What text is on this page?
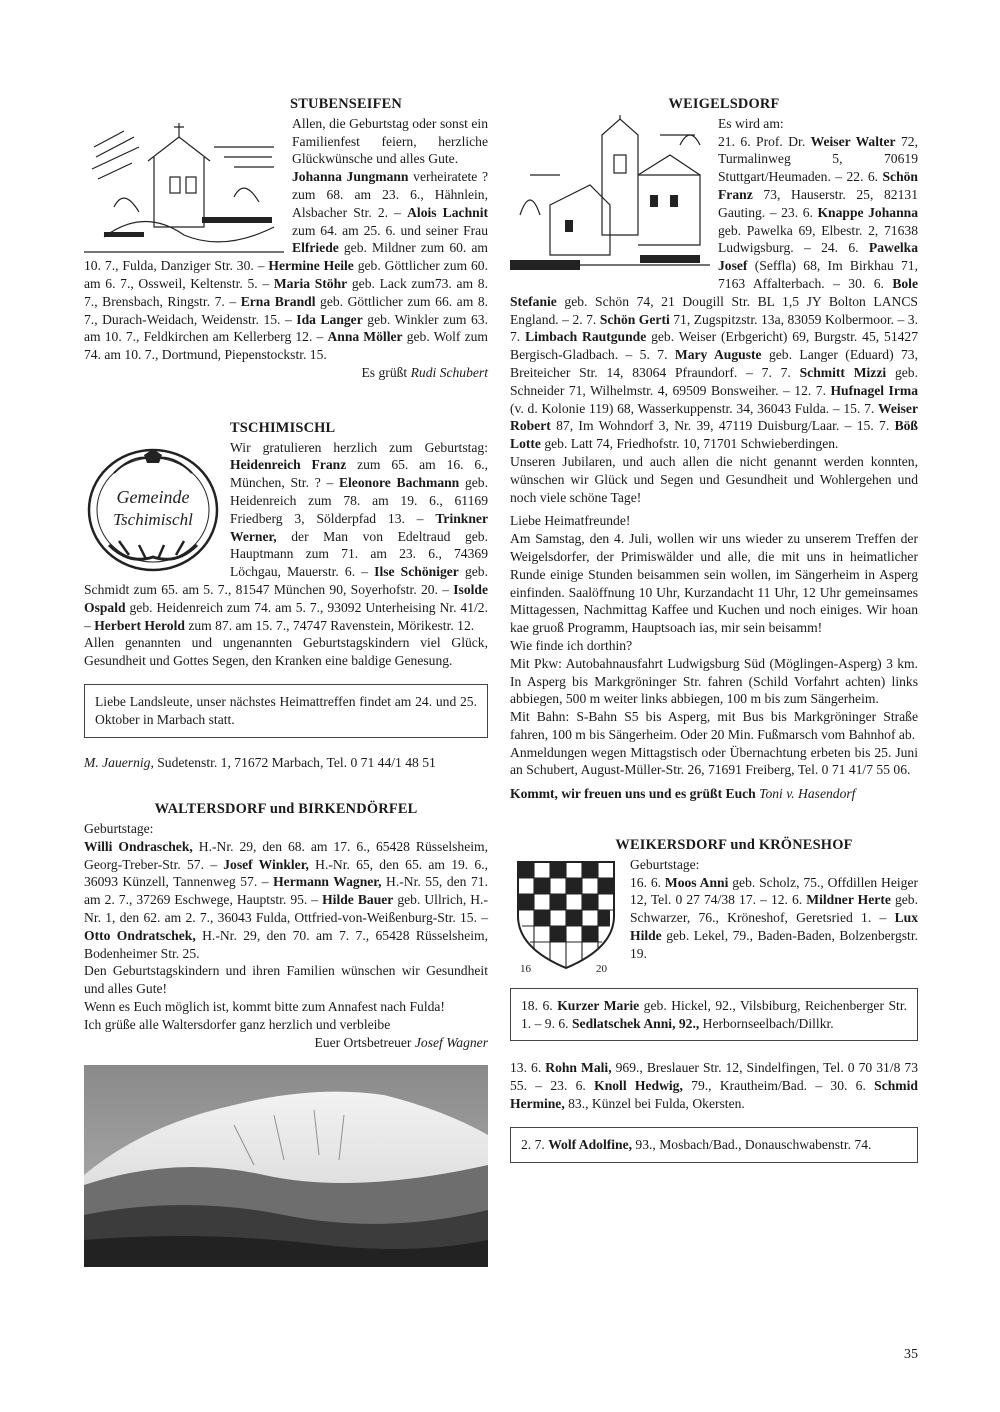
STUBENSEIFEN

Allen, die Geburtstag oder sonst ein Familienfest feiern, herzliche Glückwünsche und alles Gute.
Johanna Jungmann verheiratete ? zum 68. am 23. 6., Hähnlein, Alsbacher Str. 2. – Alois Lachnit zum 64. am 25. 6. und seiner Frau Elfriede geb. Mildner zum 60. am 10. 7., Fulda, Danziger Str. 30. – Hermine Heile geb. Göttlicher zum 60. am 6. 7., Ossweil, Keltenstr. 5. – Maria Stöhr geb. Lack zum73. am 8. 7., Brensbach, Ringstr. 7. – Erna Brandl geb. Göttlicher zum 66. am 8. 7., Durach-Weidach, Weidenstr. 15. – Ida Langer geb. Winkler zum 63. am 10. 7., Feldkirchen am Kellerberg 12. – Anna Möller geb. Wolf zum 74. am 10. 7., Dortmund, Piepenstockstr. 15.

Es grüßt Rudi Schubert

TSCHIMISCHL
Gemeinde
Tschimischl

Wir gratulieren herzlich zum Geburtstag: Heidenreich Franz zum 65. am 16. 6., München, Str. ? – Eleonore Bachmann geb. Heidenreich zum 78. am 19. 6., 61169 Friedberg 3, Sölderpfad 13. – Trinkner Werner, der Man von Edeltraud geb. Hauptmann zum 71. am 23. 6., 74369 Löchgau, Mauerstr. 6. – Ilse Schöniger geb. Schmidt zum 65. am 5. 7., 81547 München 90, Soyerhofstr. 20. – Isolde Ospald geb. Heidenreich zum 74. am 5. 7., 93092 Unterheising Nr. 41/2. – Herbert Herold zum 87. am 15. 7., 74747 Ravenstein, Mörikestr. 12.

Allen genannten und ungenannten Geburtstagskindern viel Glück, Gesundheit und Gottes Segen, den Kranken eine baldige Genesung.

Liebe Landsleute, unser nächstes Heimattreffen findet am 24. und 25. Oktober in Marbach statt.

M. Jauernig, Sudetenstr. 1, 71672 Marbach, Tel. 0 71 44/1 48 51

WALTERSDORF und BIRKENDÖRFEL

Geburtstage:

Willi Ondraschek, H.-Nr. 29, den 68. am 17. 6., 65428 Rüsselsheim, Georg-Treber-Str. 57. – Josef Winkler, H.-Nr. 65, den 65. am 19. 6., 36093 Künzell, Tannenweg 57. – Hermann Wagner, H.-Nr. 55, den 71. am 2. 7., 37269 Eschwege, Hauptstr. 95. – Hilde Bauer geb. Ullrich, H.-Nr. 1, den 62. am 2. 7., 36043 Fulda, Ottfried-von-Weißenburg-Str. 15. – Otto Ondratschek, H.-Nr. 29, den 70. am 7. 7., 65428 Rüsselsheim, Bodenheimer Str. 25.

Den Geburtstagskindern und ihren Familien wünschen wir Gesundheit und alles Gute!

Wenn es Euch möglich ist, kommt bitte zum Annafest nach Fulda!

Ich grüße alle Waltersdorfer ganz herzlich und verbleibe

Euer Ortsbetreuer Josef Wagner

WEIGELSDORF

Es wird am:

21. 6. Prof. Dr. Weiser Walter 72, Turmalinweg 5, 70619 Stuttgart/Heumaden. – 22. 6. Schön Franz 73, Hauserstr. 25, 82131 Gauting. – 23. 6. Knappe Johanna geb. Pawelka 69, Elbestr. 2, 71638 Ludwigsburg. – 24. 6. Pawelka Josef (Seffla) 68, Im Birkhau 71, 7163 Affalterbach. – 30. 6. Bole Stefanie geb. Schön 74, 21 Dougill Str. BL 1,5 JY Bolton LANCS England. – 2. 7. Schön Gerti 71, Zugspitzstr. 13a, 83059 Kolbermoor. – 3. 7. Limbach Rautgunde geb. Weiser (Erbgericht) 69, Burgstr. 45, 51427 Bergisch-Gladbach. – 5. 7. Mary Auguste geb. Langer (Eduard) 73, Breiteicher Str. 14, 83064 Pfraundorf. – 7. 7. Schmitt Mizzi geb. Schneider 71, Wilhelmstr. 4, 69509 Bonsweiher. – 12. 7. Hufnagel Irma (v. d. Kolonie 119) 68, Wasserkuppenstr. 34, 36043 Fulda. – 15. 7. Weiser Robert 87, Im Wohndorf 3, Nr. 39, 47119 Duisburg/Laar. – 15. 7. Böß Lotte geb. Latt 74, Friedhofstr. 10, 71701 Schwieberdingen.

Unseren Jubilaren, und auch allen die nicht genannt werden konnten, wünschen wir Glück und Segen und Gesundheit und Wohlergehen und noch viele schöne Tage!

Liebe Heimatfreunde!

Am Samstag, den 4. Juli, wollen wir uns wieder zu unserem Treffen der Weigelsdorfer, der Primiswälder und alle, die mit uns in heimatlicher Runde einige Stunden beisammen sein wollen, im Sängerheim in Asperg einfinden. Saalöffnung 10 Uhr, Kurzandacht 11 Uhr, 12 Uhr gemeinsames Mittagessen, Nachmittag Kaffee und Kuchen und noch einiges. Wir hoan kae gruoß Programm, Hauptsoach ias, mir sein beisamm!

Wie finde ich dorthin?

Mit Pkw: Autobahnausfahrt Ludwigsburg Süd (Möglingen-Asperg) 3 km. In Asperg bis Markgröninger Str. fahren (Schild Vorfahrt achten) links abbiegen, 500 m weiter links abbiegen, 100 m bis zum Sängerheim.

Mit Bahn: S-Bahn S5 bis Asperg, mit Bus bis Markgröninger Straße fahren, 100 m bis Sängerheim. Oder 20 Min. Fußmarsch vom Bahnhof ab.

Anmeldungen wegen Mittagstisch oder Übernachtung erbeten bis 25. Juni an Schubert, August-Müller-Str. 26, 71691 Freiberg, Tel. 0 71 41/7 55 06.

Kommt, wir freuen uns und es grüßt Euch Toni v. Hasendorf

WEIKERSDORF und KRÖNESHOF
16	20

Geburtstage:

16. 6. Moos Anni geb. Scholz, 75., Offdillen Heiger 12, Tel. 0 27 74/38 17. – 12. 6. Mildner Herte geb. Schwarzer, 76., Kröneshof, Geretsried 1. – Lux Hilde geb. Lekel, 79., Baden-Baden, Bolzenbergstr. 19.

18. 6. Kurzer Marie geb. Hickel, 92., Vilsbiburg, Reichenberger Str. 1. – 9. 6. Sedlatschek Anni, 92., Herbornseelbach/Dillkr.

13. 6. Rohn Mali, 969., Breslauer Str. 12, Sindelfingen, Tel. 0 70 31/8 73 55. – 23. 6. Knoll Hedwig, 79., Krautheim/Bad. – 30. 6. Schmid Hermine, 83., Künzel bei Fulda, Okersten.

2. 7. Wolf Adolfine, 93., Mosbach/Bad., Donauschwabenstr. 74.

35
